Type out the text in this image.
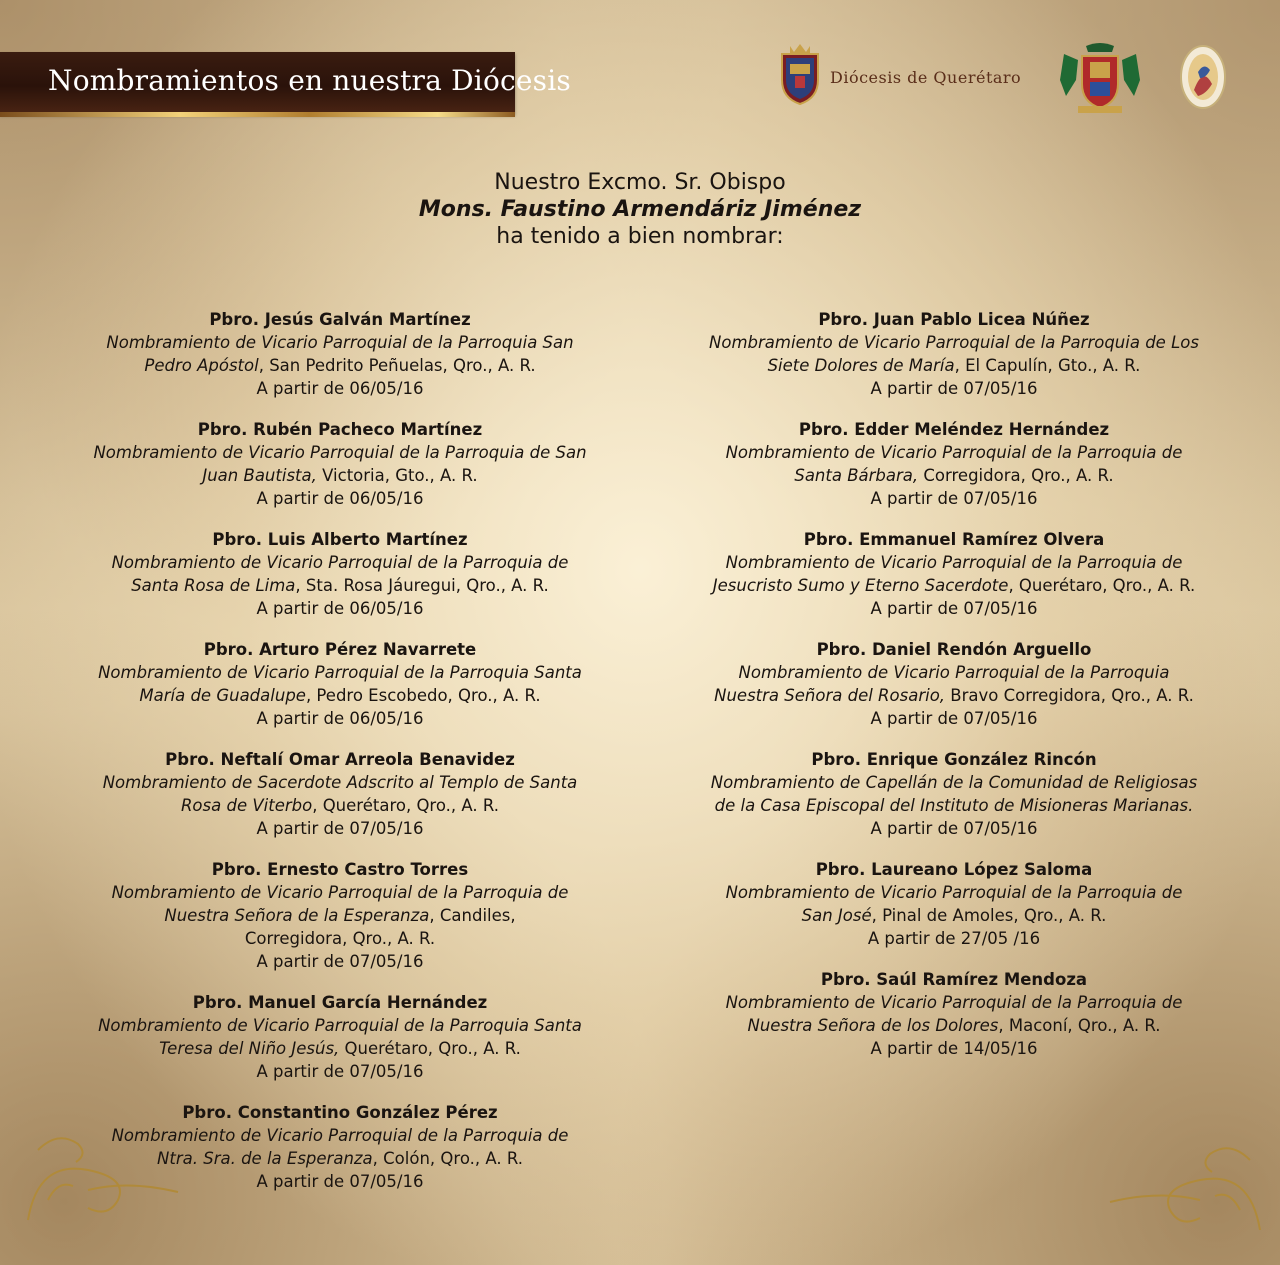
Nombramientos en nuestra Diócesis	Diócesis de Querétaro
Nuestro Excmo. Sr. Obispo
Mons. Faustino Armendáriz Jiménez
ha tenido a bien nombrar:
Pbro. Jesús Galván Martínez
Nombramiento de Vicario Parroquial de la Parroquia San
Pedro Apóstol, San Pedrito Peñuelas, Qro., A. R.
A partir de 06/05/16
Pbro. Rubén Pacheco Martínez
Nombramiento de Vicario Parroquial de la Parroquia de San
Juan Bautista, Victoria, Gto., A. R.
A partir de 06/05/16
Pbro. Luis Alberto Martínez
Nombramiento de Vicario Parroquial de la Parroquia de
Santa Rosa de Lima, Sta. Rosa Jáuregui, Qro., A. R.
A partir de 06/05/16
Pbro. Arturo Pérez Navarrete
Nombramiento de Vicario Parroquial de la Parroquia Santa
María de Guadalupe, Pedro Escobedo, Qro., A. R.
A partir de 06/05/16
Pbro. Neftalí Omar Arreola Benavidez
Nombramiento de Sacerdote Adscrito al Templo de Santa
Rosa de Viterbo, Querétaro, Qro., A. R.
A partir de 07/05/16
Pbro. Ernesto Castro Torres
Nombramiento de Vicario Parroquial de la Parroquia de
Nuestra Señora de la Esperanza, Candiles,
Corregidora, Qro., A. R.
A partir de 07/05/16
Pbro. Manuel García Hernández
Nombramiento de Vicario Parroquial de la Parroquia Santa
Teresa del Niño Jesús, Querétaro, Qro., A. R.
A partir de 07/05/16
Pbro. Constantino González Pérez
Nombramiento de Vicario Parroquial de la Parroquia de
Ntra. Sra. de la Esperanza, Colón, Qro., A. R.
A partir de 07/05/16
Pbro. Juan Pablo Licea Núñez
Nombramiento de Vicario Parroquial de la Parroquia de Los
Siete Dolores de María, El Capulín, Gto., A. R.
A partir de 07/05/16
Pbro. Edder Meléndez Hernández
Nombramiento de Vicario Parroquial de la Parroquia de
Santa Bárbara, Corregidora, Qro., A. R.
A partir de 07/05/16
Pbro. Emmanuel Ramírez Olvera
Nombramiento de Vicario Parroquial de la Parroquia de
Jesucristo Sumo y Eterno Sacerdote, Querétaro, Qro., A. R.
A partir de 07/05/16
Pbro. Daniel Rendón Arguello
Nombramiento de Vicario Parroquial de la Parroquia
Nuestra Señora del Rosario, Bravo Corregidora, Qro., A. R.
A partir de 07/05/16
Pbro. Enrique González Rincón
Nombramiento de Capellán de la Comunidad de Religiosas
de la Casa Episcopal del Instituto de Misioneras Marianas.
A partir de 07/05/16
Pbro. Laureano López Saloma
Nombramiento de Vicario Parroquial de la Parroquia de
San José, Pinal de Amoles, Qro., A. R.
A partir de 27/05 /16
Pbro. Saúl Ramírez Mendoza
Nombramiento de Vicario Parroquial de la Parroquia de
Nuestra Señora de los Dolores, Maconí, Qro., A. R.
A partir de 14/05/16
